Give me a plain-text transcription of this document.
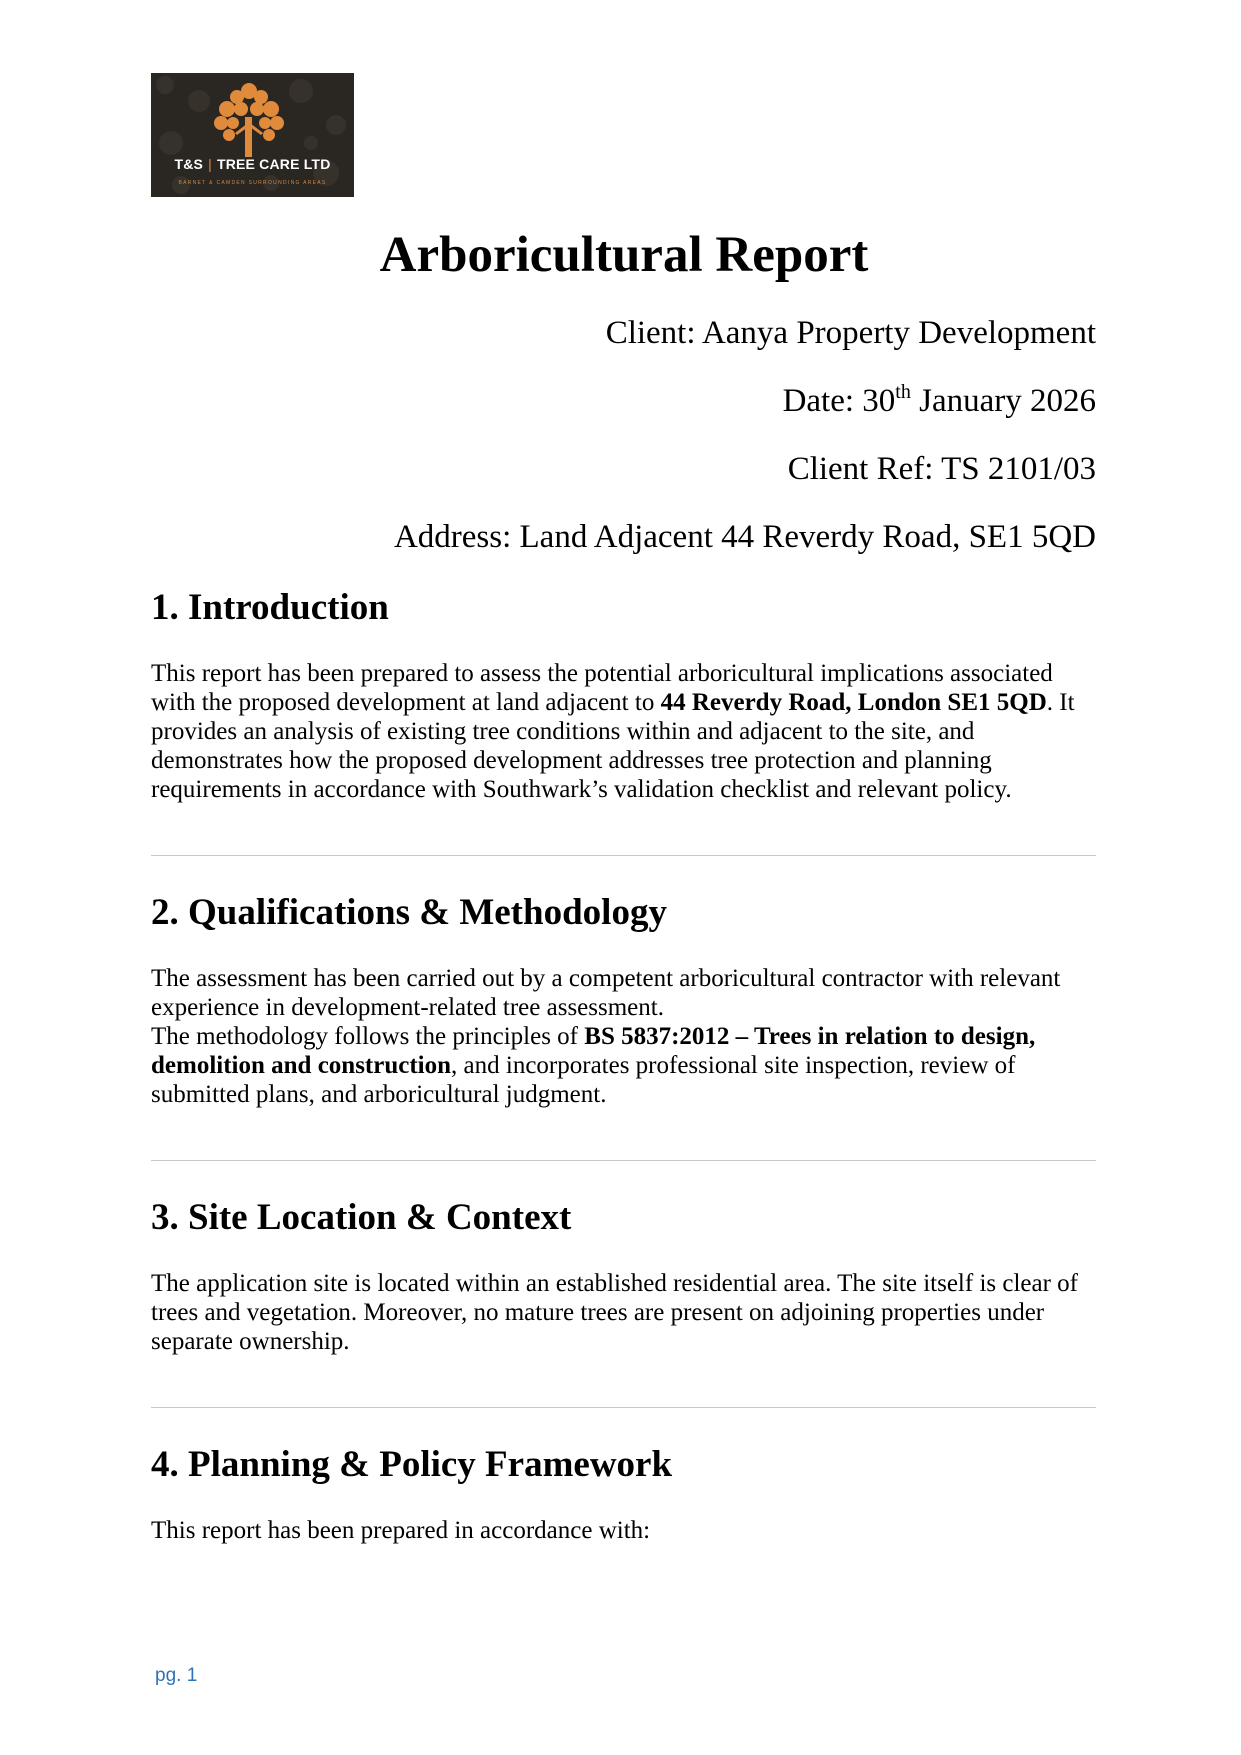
T&S | TREE CARE LTD
BARNET & CAMDEN SURROUNDING AREAS
Arboricultural Report
Client: Aanya Property Development
Date: 30th January 2026
Client Ref: TS 2101/03
Address: Land Adjacent 44 Reverdy Road, SE1 5QD
1. Introduction

This report has been prepared to assess the potential arboricultural implications associated with the proposed development at land adjacent to 44 Reverdy Road, London SE1 5QD. It provides an analysis of existing tree conditions within and adjacent to the site, and demonstrates how the proposed development addresses tree protection and planning requirements in accordance with Southwark’s validation checklist and relevant policy.

2. Qualifications & Methodology

The assessment has been carried out by a competent arboricultural contractor with relevant experience in development-related tree assessment.
The methodology follows the principles of BS 5837:2012 – Trees in relation to design, demolition and construction, and incorporates professional site inspection, review of submitted plans, and arboricultural judgment.

3. Site Location & Context

The application site is located within an established residential area. The site itself is clear of trees and vegetation. Moreover, no mature trees are present on adjoining properties under separate ownership.

4. Planning & Policy Framework

This report has been prepared in accordance with:

pg. 1
